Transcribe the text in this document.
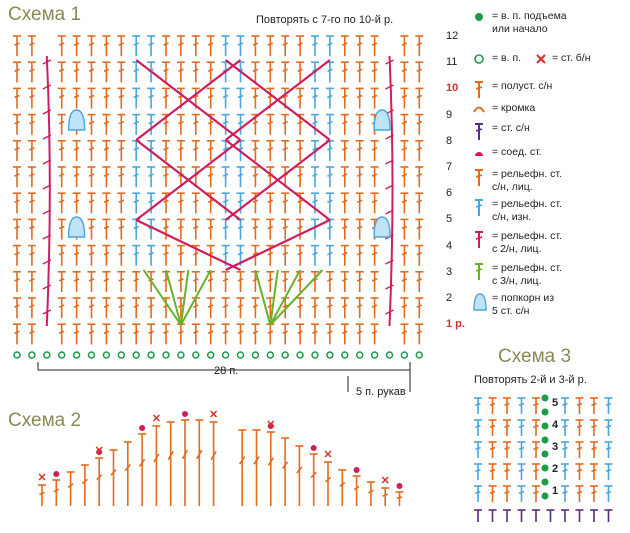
Схема 1	Повторять с 7-го по 10-й р.
Схема 2
Схема 3
Повторять 2-й и 3-й р.
28 п.
5 п. рукав
12
11
10
9
8
7
6
5
4
3
2
1 р.
5
4
3
2
1
= в. п. подъема
или начало
= в. п.	= ст. б/н
= полуст. с/н
= кромка
= ст. с/н
= соед. ст.
= рельефн. ст.
с/н, лиц.
= рельефн. ст.
с/н, изн.
= рельефн. ст.
с 2/н, лиц.
= рельефн. ст.
с 3/н, лиц.
= попкорн из
5 ст. с/н
